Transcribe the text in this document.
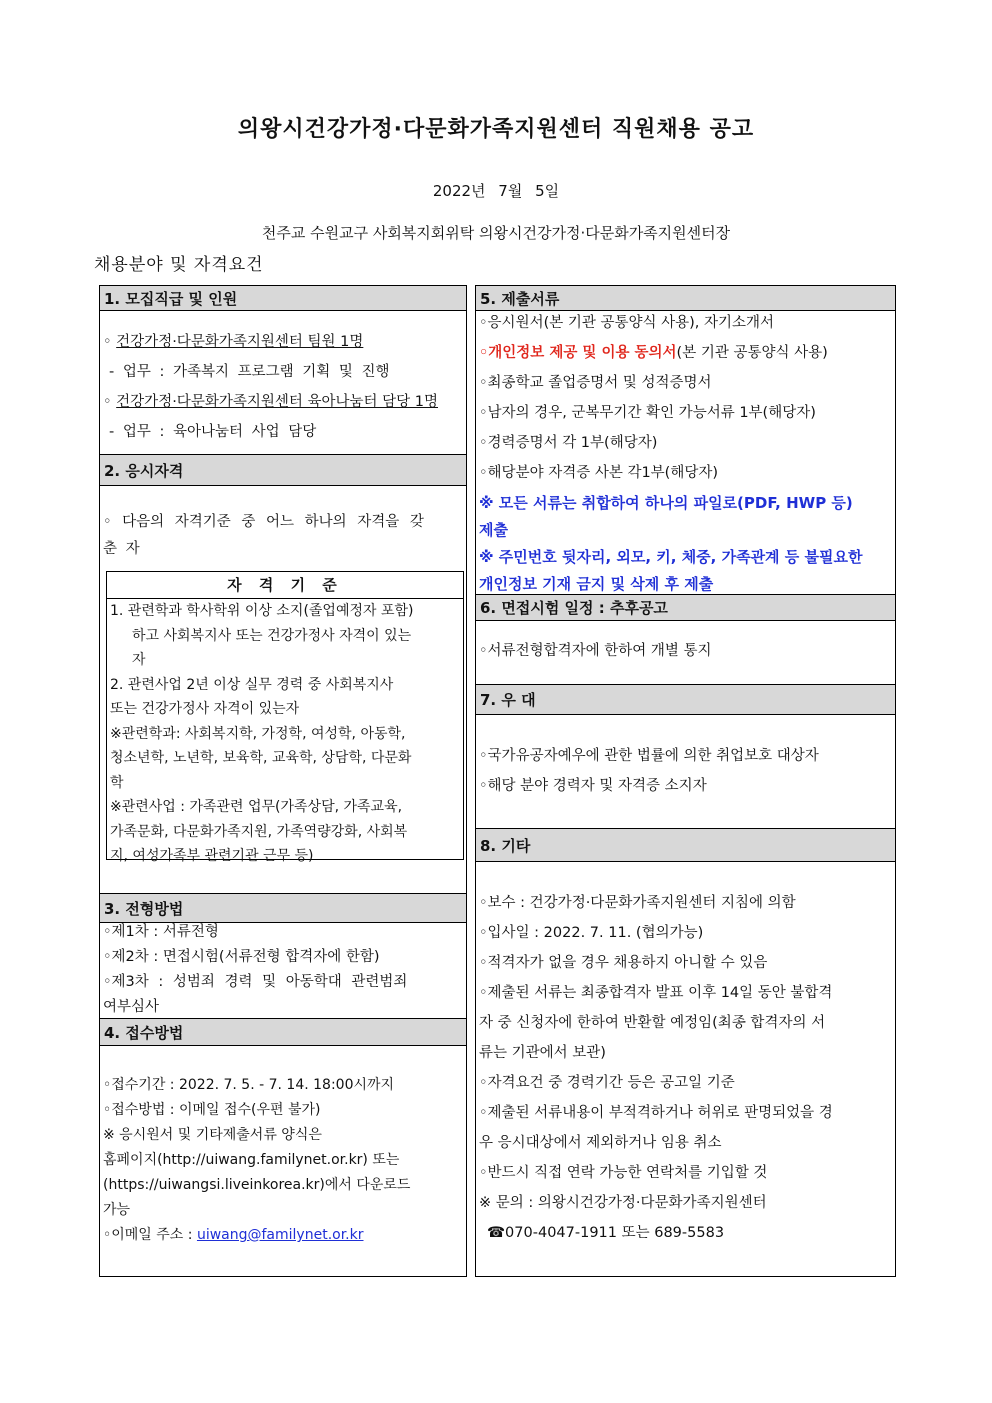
의왕시건강가정·다문화가족지원센터 직원채용 공고
2022년 7월 5일
천주교 수원교구 사회복지회위탁 의왕시건강가정·다문화가족지원센터장
채용분야 및 자격요건
1. 모집직급 및 인원
◦ 건강가정·다문화가족지원센터 팀원 1명
- 업무 : 가족복지 프로그램 기획 및 진행
◦ 건강가정·다문화가족지원센터 육아나눔터 담당 1명
- 업무 : 육아나눔터 사업 담당
2. 응시자격
◦ 다음의 자격기준 중 어느 하나의 자격을 갖
춘 자
자 격 기 준
1. 관련학과 학사학위 이상 소지(졸업예정자 포함)
하고 사회복지사 또는 건강가정사 자격이 있는
자
2. 관련사업 2년 이상 실무 경력 중 사회복지사
또는 건강가정사 자격이 있는자
※관련학과: 사회복지학, 가정학, 여성학, 아동학,
청소년학, 노년학, 보육학, 교육학, 상담학, 다문화
학
※관련사업 : 가족관련 업무(가족상담, 가족교육,
가족문화, 다문화가족지원, 가족역량강화, 사회복
지, 여성가족부 관련기관 근무 등)
3. 전형방법
◦제1차 : 서류전형
◦제2차 : 면접시험(서류전형 합격자에 한함)
◦제3차 : 성범죄 경력 및 아동학대 관련범죄
여부심사
4. 접수방법
◦접수기간 : 2022. 7. 5. - 7. 14. 18:00시까지
◦접수방법 : 이메일 접수(우편 불가)
※ 응시원서 및 기타제출서류 양식은
홈페이지(http://uiwang.familynet.or.kr) 또는
(https://uiwangsi.liveinkorea.kr)에서 다운로드
가능
◦이메일 주소 : uiwang@familynet.or.kr
5. 제출서류
◦응시원서(본 기관 공통양식 사용), 자기소개서
◦개인정보 제공 및 이용 동의서(본 기관 공통양식 사용)
◦최종학교 졸업증명서 및 성적증명서
◦남자의 경우, 군복무기간 확인 가능서류 1부(해당자)
◦경력증명서 각 1부(해당자)
◦해당분야 자격증 사본 각1부(해당자)
※ 모든 서류는 취합하여 하나의 파일로(PDF, HWP 등)
제출
※ 주민번호 뒷자리, 외모, 키, 체중, 가족관계 등 불필요한
개인정보 기재 금지 및 삭제 후 제출
6. 면접시험 일정 : 추후공고
◦서류전형합격자에 한하여 개별 통지
7. 우 대
◦국가유공자예우에 관한 법률에 의한 취업보호 대상자
◦해당 분야 경력자 및 자격증 소지자
8. 기타
◦보수 : 건강가정·다문화가족지원센터 지침에 의함
◦입사일 : 2022. 7. 11. (협의가능)
◦적격자가 없을 경우 채용하지 아니할 수 있음
◦제출된 서류는 최종합격자 발표 이후 14일 동안 불합격
자 중 신청자에 한하여 반환할 예정임(최종 합격자의 서
류는 기관에서 보관)
◦자격요건 중 경력기간 등은 공고일 기준
◦제출된 서류내용이 부적격하거나 허위로 판명되었을 경
우 응시대상에서 제외하거나 임용 취소
◦반드시 직접 연락 가능한 연락처를 기입할 것
※ 문의 : 의왕시건강가정·다문화가족지원센터
☎070-4047-1911 또는 689-5583
